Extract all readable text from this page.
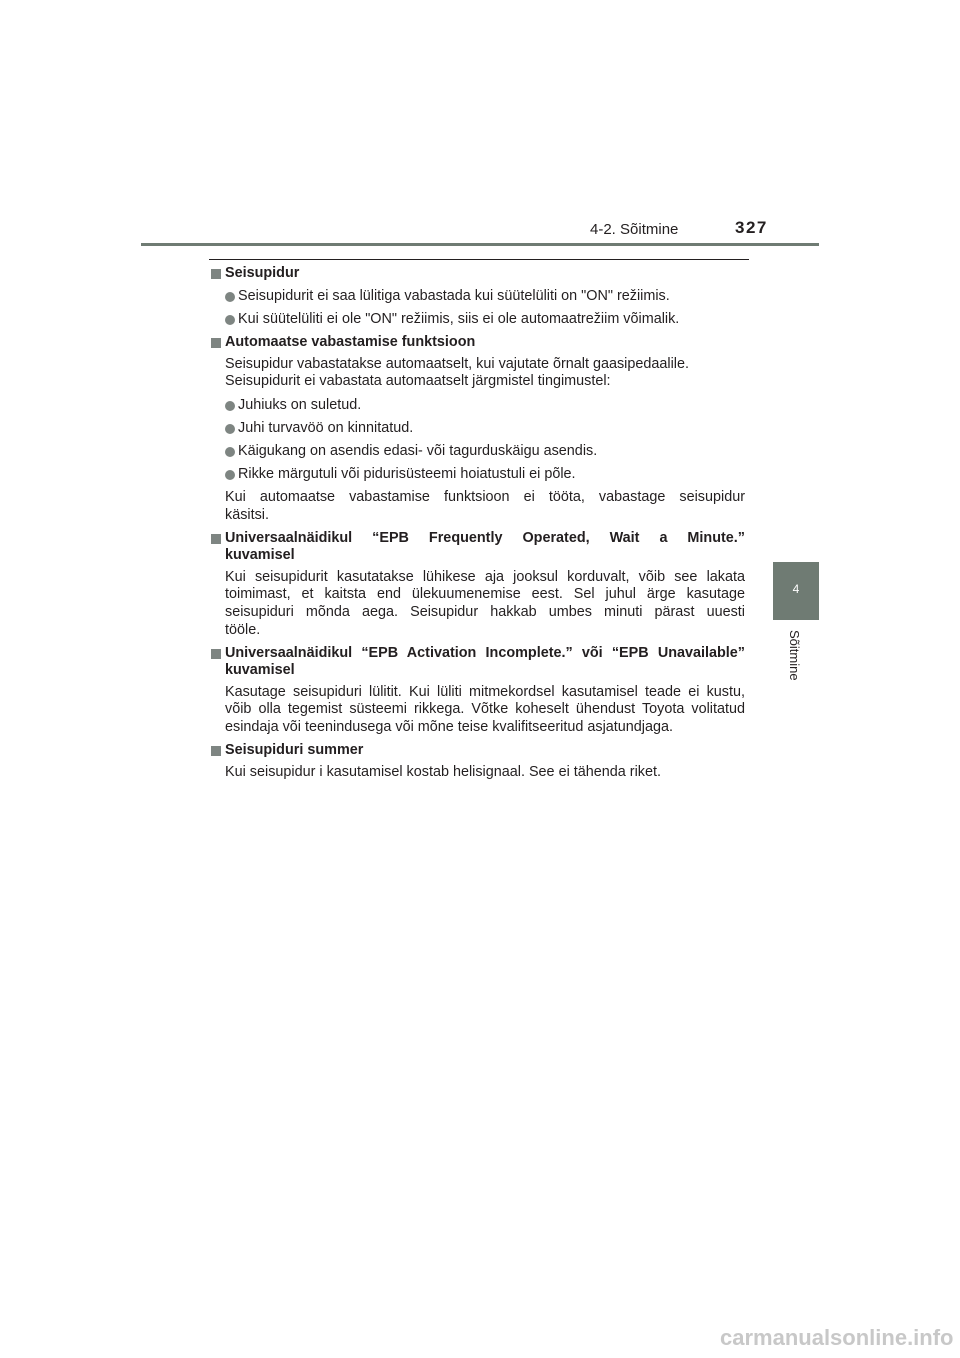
4-2. Sõitmine	327
4
Sõitmine
Seisupidur
Seisupidurit ei saa lülitiga vabastada kui süütelüliti on "ON" režiimis.
Kui süütelüliti ei ole "ON" režiimis, siis ei ole automaatrežiim võimalik.
Automaatse vabastamise funktsioon
Seisupidur vabastatakse automaatselt, kui vajutate õrnalt gaasipedaalile.
Seisupidurit ei vabastata automaatselt järgmistel tingimustel:
Juhiuks on suletud.
Juhi turvavöö on kinnitatud.
Käigukang on asendis edasi- või tagurduskäigu asendis.
Rikke märgutuli või pidurisüsteemi hoiatustuli ei põle.
Kui automaatse vabastamise funktsioon ei tööta, vabastage seisupidur
käsitsi.
Universaalnäidikul “EPB Frequently Operated, Wait a Minute.”
kuvamisel
Kui seisupidurit kasutatakse lühikese aja jooksul korduvalt, võib see lakata
toimimast, et kaitsta end ülekuumenemise eest. Sel juhul ärge kasutage
seisupiduri mõnda aega. Seisupidur hakkab umbes minuti pärast uuesti
tööle.
Universaalnäidikul “EPB Activation Incomplete.” või “EPB Unavailable”
kuvamisel
Kasutage seisupiduri lülitit. Kui lüliti mitmekordsel kasutamisel teade ei kustu,
võib olla tegemist süsteemi rikkega. Võtke koheselt ühendust Toyota volitatud
esindaja või teenindusega või mõne teise kvalifitseeritud asjatundjaga.
Seisupiduri summer
Kui seisupidur i kasutamisel kostab helisignaal. See ei tähenda riket.
carmanualsonline.info
